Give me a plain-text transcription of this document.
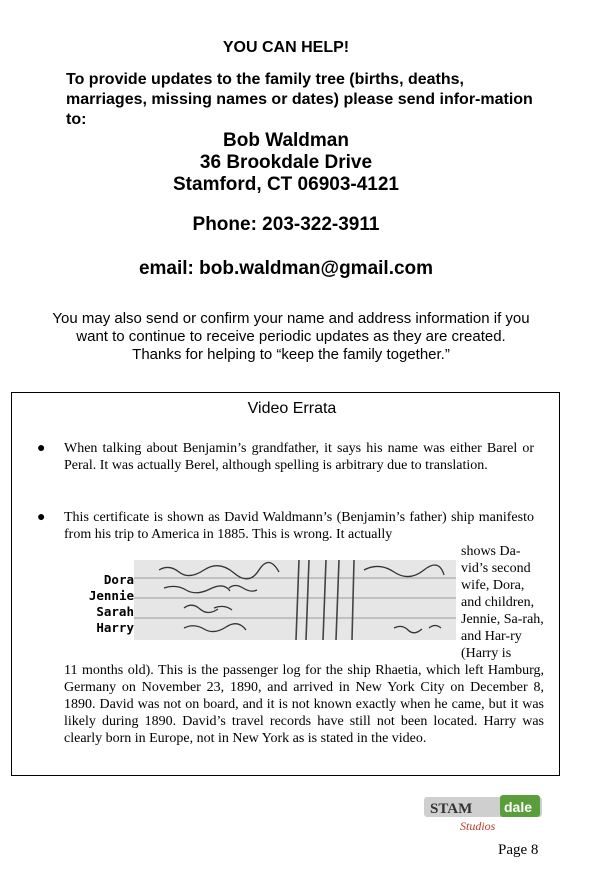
YOU CAN HELP!
To provide updates to the family tree (births, deaths, marriages, missing names or dates) please send infor-mation to:
Bob Waldman
36 Brookdale Drive
Stamford, CT 06903-4121
Phone: 203-322-3911
email: bob.waldman@gmail.com
You may also send or confirm your name and address information if you want to continue to receive periodic updates as they are created. Thanks for helping to “keep the family together.”
Video Errata
● When talking about Benjamin’s grandfather, it says his name was either Barel or Peral. It was actually Berel, although spelling is arbitrary due to translation.
● This certificate is shown as David Waldmann’s (Benjamin’s father) ship manifesto from his trip to America in 1885. This is wrong. It actually
shows Da-vid’s second wife, Dora, and children, Jennie, Sa-rah, and Har-ry (Harry is
11 months old). This is the passenger log for the ship Rhaetia, which left Hamburg, Germany on November 23, 1890, and arrived in New York City on December 8, 1890. David was not on board, and it is not known exactly when he came, but it was likely during 1890. David’s travel records have still not been located. Harry was clearly born in Europe, not in New York as is stated in the video.
Dora
Jennie
Sarah
Harry
STAM dale
Studios
Page 8
